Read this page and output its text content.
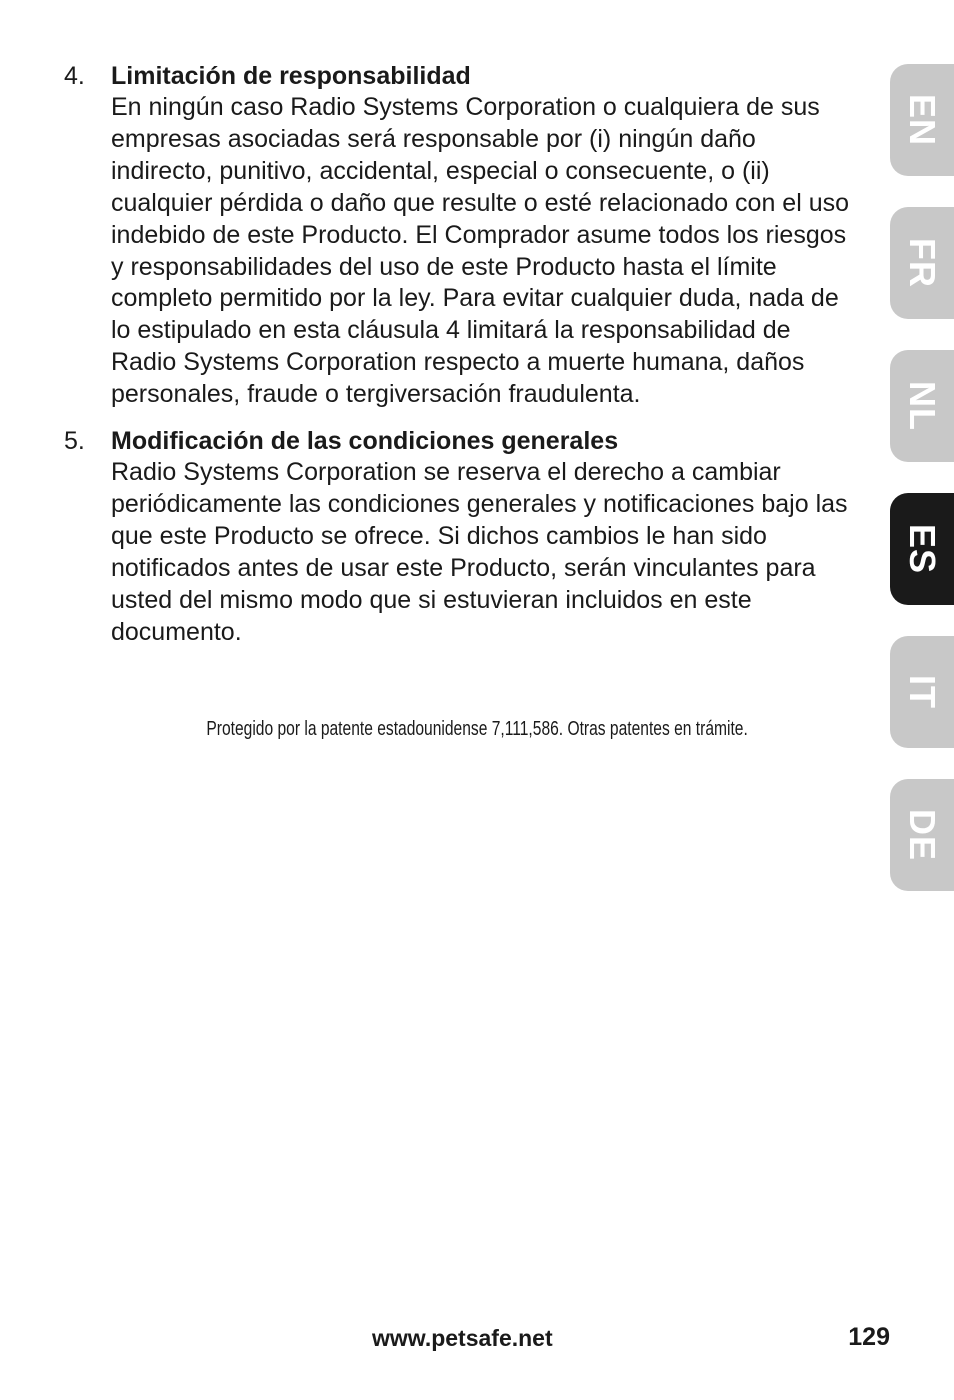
4. Limitación de responsabilidad
En ningún caso Radio Systems Corporation o cualquiera de sus empresas asociadas será responsable por (i) ningún daño indirecto, punitivo, accidental, especial o consecuente, o (ii) cualquier pérdida o daño que resulte o esté relacionado con el uso indebido de este Producto. El Comprador asume todos los riesgos y responsabilidades del uso de este Producto hasta el límite completo permitido por la ley. Para evitar cualquier duda, nada de lo estipulado en esta cláusula 4 limitará la responsabilidad de Radio Systems Corporation respecto a muerte humana, daños personales, fraude o tergiversación fraudulenta.
5. Modificación de las condiciones generales
Radio Systems Corporation se reserva el derecho a cambiar periódicamente las condiciones generales y notificaciones bajo las que este Producto se ofrece. Si dichos cambios le han sido notificados antes de usar este Producto, serán vinculantes para usted del mismo modo que si estuvieran incluidos en este documento.
Protegido por la patente estadounidense 7,111,586. Otras patentes en trámite.
EN
FR
NL
ES
IT
DE
www.petsafe.net	129
